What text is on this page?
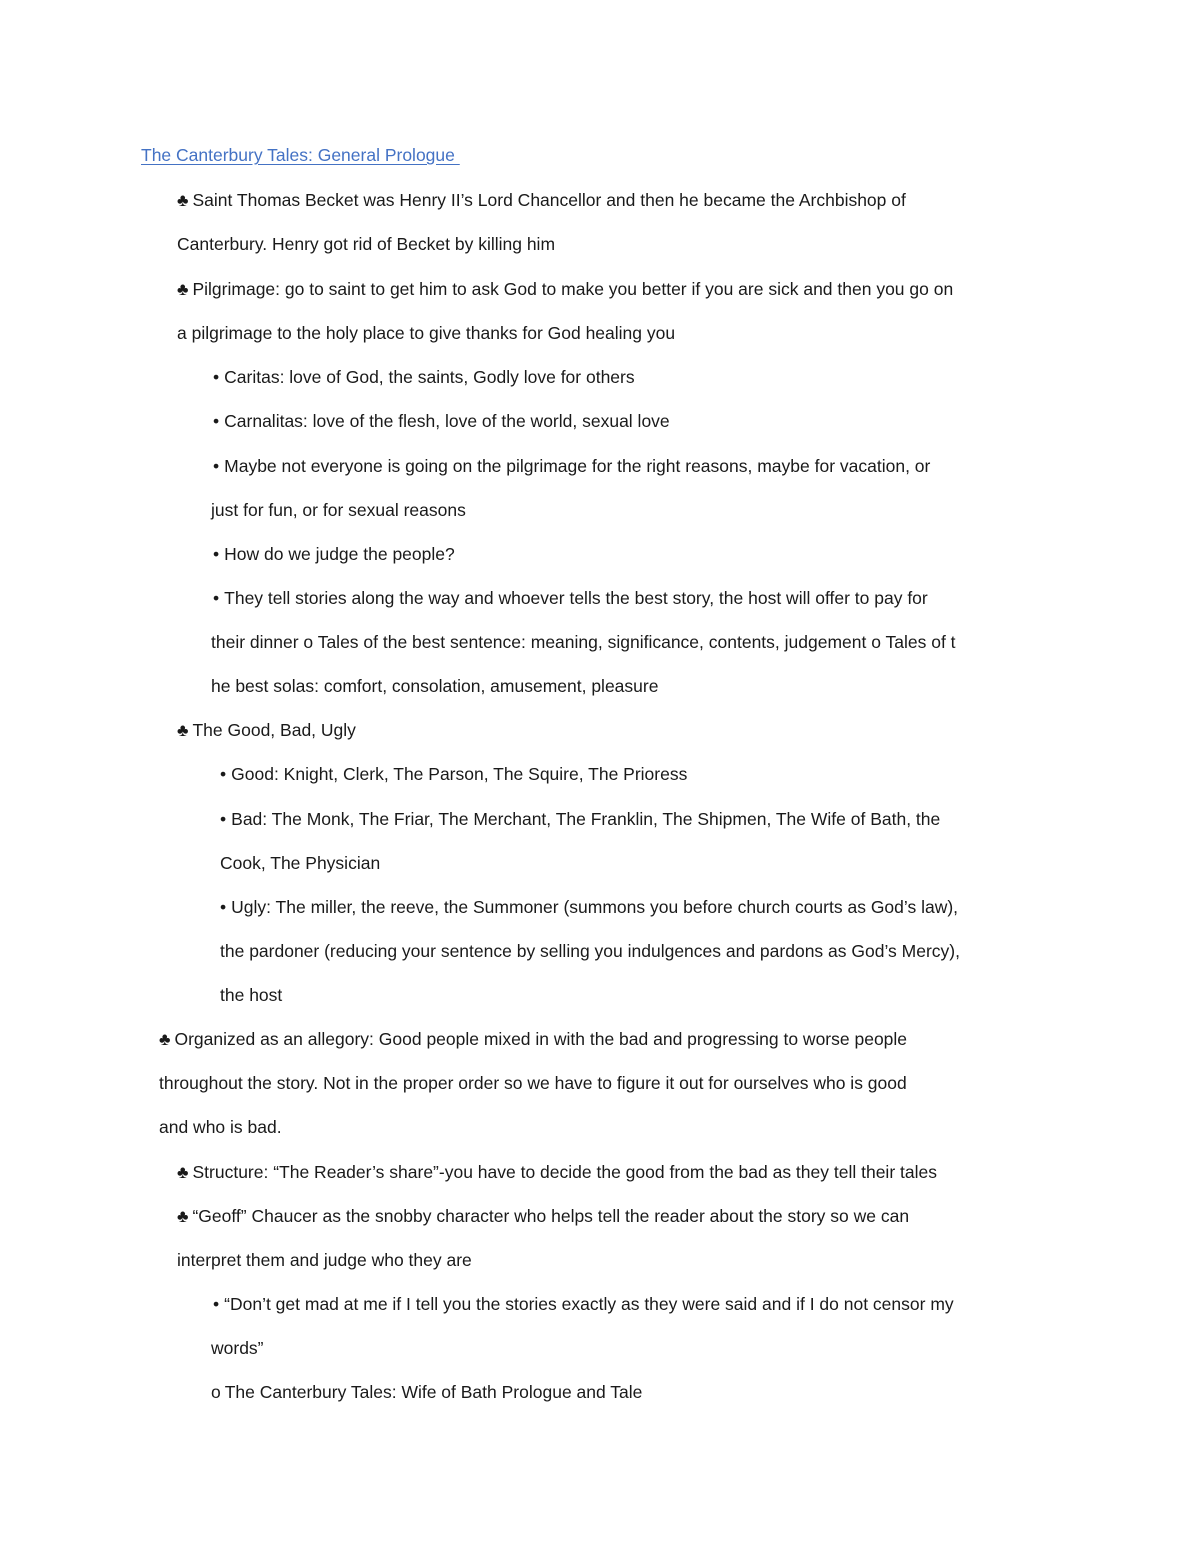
The Canterbury Tales: General Prologue
♣ Saint Thomas Becket was Henry II’s Lord Chancellor and then he became the Archbishop of
Canterbury. Henry got rid of Becket by killing him
♣ Pilgrimage: go to saint to get him to ask God to make you better if you are sick and then you go on
a pilgrimage to the holy place to give thanks for God healing you
• Caritas: love of God, the saints, Godly love for others
• Carnalitas: love of the flesh, love of the world, sexual love
• Maybe not everyone is going on the pilgrimage for the right reasons, maybe for vacation, or
just for fun, or for sexual reasons
• How do we judge the people?
• They tell stories along the way and whoever tells the best story, the host will offer to pay for
their dinner o Tales of the best sentence: meaning, significance, contents, judgement o Tales of t
he best solas: comfort, consolation, amusement, pleasure
♣ The Good, Bad, Ugly
• Good: Knight, Clerk, The Parson, The Squire, The Prioress
• Bad: The Monk, The Friar, The Merchant, The Franklin, The Shipmen, The Wife of Bath, the
Cook, The Physician
• Ugly: The miller, the reeve, the Summoner (summons you before church courts as God’s law),
the pardoner (reducing your sentence by selling you indulgences and pardons as God’s Mercy),
the host
♣ Organized as an allegory: Good people mixed in with the bad and progressing to worse people
throughout the story. Not in the proper order so we have to figure it out for ourselves who is good
and who is bad.
♣ Structure: “The Reader’s share”-you have to decide the good from the bad as they tell their tales
♣ “Geoff” Chaucer as the snobby character who helps tell the reader about the story so we can
interpret them and judge who they are
• “Don’t get mad at me if I tell you the stories exactly as they were said and if I do not censor my
words”
o The Canterbury Tales: Wife of Bath Prologue and Tale
